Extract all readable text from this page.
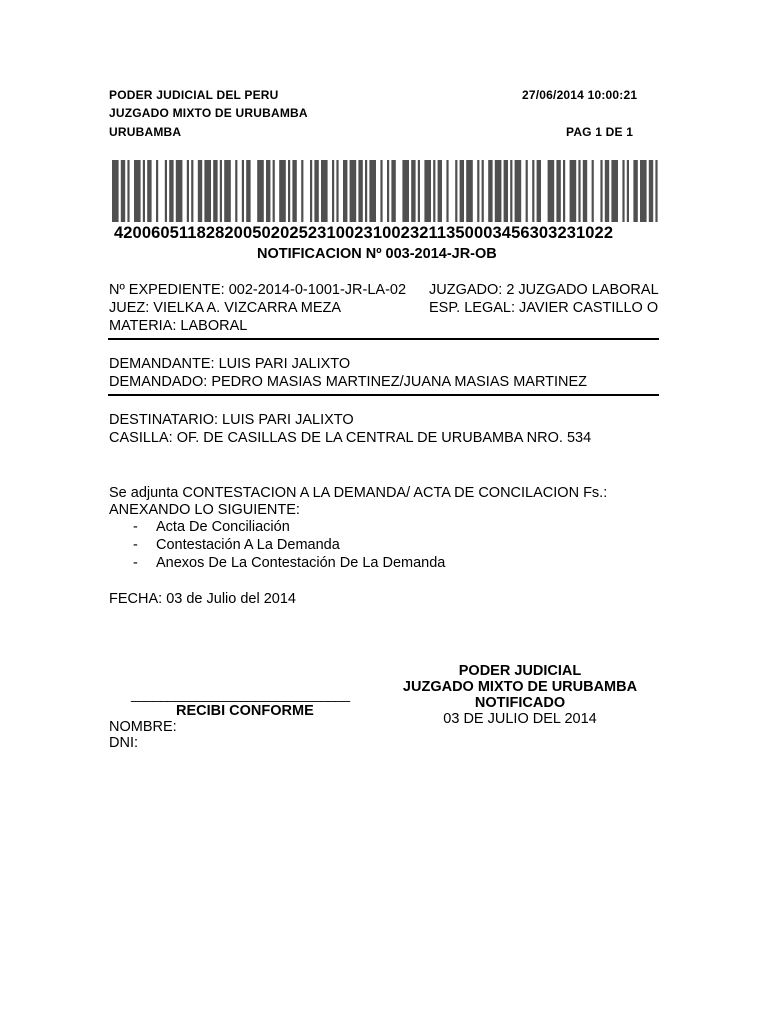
PODER JUDICIAL DEL PERU
JUZGADO MIXTO DE URUBAMBA
URUBAMBA
27/06/2014 10:00:21
PAG 1 DE 1
42006051182820050202523100231002321135000345630323102​2
NOTIFICACION Nº 003-2014-JR-OB
Nº EXPEDIENTE: 002-2014-0-1001-JR-LA-02 JUZGADO: 2 JUZGADO LABORAL
JUEZ: VIELKA A. VIZCARRA MEZA	ESP. LEGAL: JAVIER CASTILLO O
MATERIA: LABORAL
DEMANDANTE: LUIS PARI JALIXTO
DEMANDADO: PEDRO MASIAS MARTINEZ/JUANA MASIAS MARTINEZ
DESTINATARIO: LUIS PARI JALIXTO
CASILLA: OF. DE CASILLAS DE LA CENTRAL DE URUBAMBA NRO. 534
Se adjunta CONTESTACION A LA DEMANDA/ ACTA DE CONCILACION Fs.:
ANEXANDO LO SIGUIENTE:
- Acta De Conciliación
- Contestación A La Demanda
- Anexos De La Contestación De La Demanda
FECHA: 03 de Julio del 2014
PODER JUDICIAL
JUZGADO MIXTO DE URUBAMBA
NOTIFICADO
03 DE JULIO DEL 2014
______________________________
RECIBI CONFORME
NOMBRE:
DNI:
